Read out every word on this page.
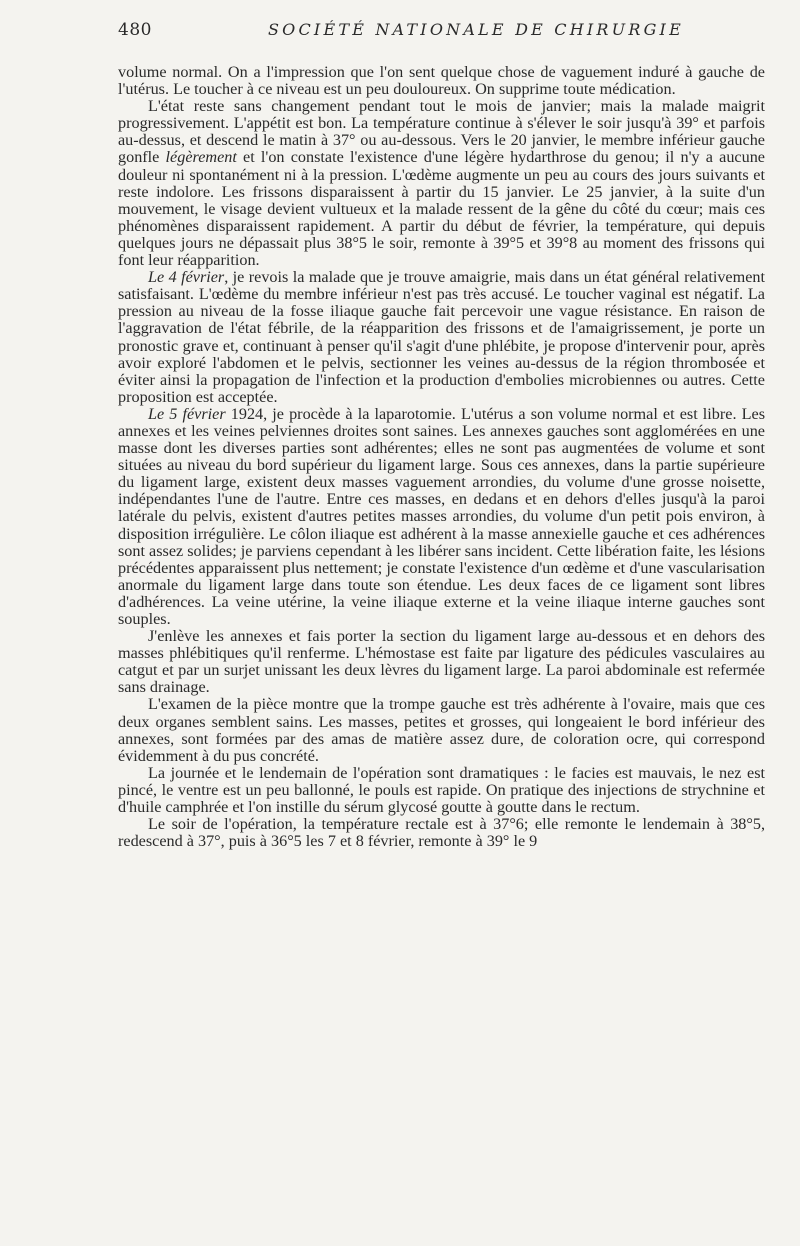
480	SOCIÉTÉ NATIONALE DE CHIRURGIE

volume normal. On a l'impression que l'on sent quelque chose de vaguement induré à gauche de l'utérus. Le toucher à ce niveau est un peu douloureux. On supprime toute médication.

L'état reste sans changement pendant tout le mois de janvier; mais la malade maigrit progressivement. L'appétit est bon. La température continue à s'élever le soir jusqu'à 39° et parfois au-dessus, et descend le matin à 37° ou au-dessous. Vers le 20 janvier, le membre inférieur gauche gonfle légèrement et l'on constate l'existence d'une légère hydarthrose du genou; il n'y a aucune douleur ni spontanément ni à la pression. L'œdème augmente un peu au cours des jours suivants et reste indolore. Les frissons disparaissent à partir du 15 janvier. Le 25 janvier, à la suite d'un mouvement, le visage devient vultueux et la malade ressent de la gêne du côté du cœur; mais ces phénomènes disparaissent rapidement. A partir du début de février, la température, qui depuis quelques jours ne dépassait plus 38°5 le soir, remonte à 39°5 et 39°8 au moment des frissons qui font leur réapparition.

Le 4 février, je revois la malade que je trouve amaigrie, mais dans un état général relativement satisfaisant. L'œdème du membre inférieur n'est pas très accusé. Le toucher vaginal est négatif. La pression au niveau de la fosse iliaque gauche fait percevoir une vague résistance. En raison de l'aggravation de l'état fébrile, de la réapparition des frissons et de l'amaigrissement, je porte un pronostic grave et, continuant à penser qu'il s'agit d'une phlébite, je propose d'intervenir pour, après avoir exploré l'abdomen et le pelvis, sectionner les veines au-dessus de la région thrombosée et éviter ainsi la propagation de l'infection et la production d'embolies microbiennes ou autres. Cette proposition est acceptée.

Le 5 février 1924, je procède à la laparotomie. L'utérus a son volume normal et est libre. Les annexes et les veines pelviennes droites sont saines. Les annexes gauches sont agglomérées en une masse dont les diverses parties sont adhérentes; elles ne sont pas augmentées de volume et sont situées au niveau du bord supérieur du ligament large. Sous ces annexes, dans la partie supérieure du ligament large, existent deux masses vaguement arrondies, du volume d'une grosse noisette, indépendantes l'une de l'autre. Entre ces masses, en dedans et en dehors d'elles jusqu'à la paroi latérale du pelvis, existent d'autres petites masses arrondies, du volume d'un petit pois environ, à disposition irrégulière. Le côlon iliaque est adhérent à la masse annexielle gauche et ces adhérences sont assez solides; je parviens cependant à les libérer sans incident. Cette libération faite, les lésions précédentes apparaissent plus nettement; je constate l'existence d'un œdème et d'une vascularisation anormale du ligament large dans toute son étendue. Les deux faces de ce ligament sont libres d'adhérences. La veine utérine, la veine iliaque externe et la veine iliaque interne gauches sont souples.

J'enlève les annexes et fais porter la section du ligament large au-dessous et en dehors des masses phlébitiques qu'il renferme. L'hémostase est faite par ligature des pédicules vasculaires au catgut et par un surjet unissant les deux lèvres du ligament large. La paroi abdominale est refermée sans drainage.

L'examen de la pièce montre que la trompe gauche est très adhérente à l'ovaire, mais que ces deux organes semblent sains. Les masses, petites et grosses, qui longeaient le bord inférieur des annexes, sont formées par des amas de matière assez dure, de coloration ocre, qui correspond évidemment à du pus concrété.

La journée et le lendemain de l'opération sont dramatiques : le facies est mauvais, le nez est pincé, le ventre est un peu ballonné, le pouls est rapide. On pratique des injections de strychnine et d'huile camphrée et l'on instille du sérum glycosé goutte à goutte dans le rectum.

Le soir de l'opération, la température rectale est à 37°6; elle remonte le lendemain à 38°5, redescend à 37°, puis à 36°5 les 7 et 8 février, remonte à 39° le 9
